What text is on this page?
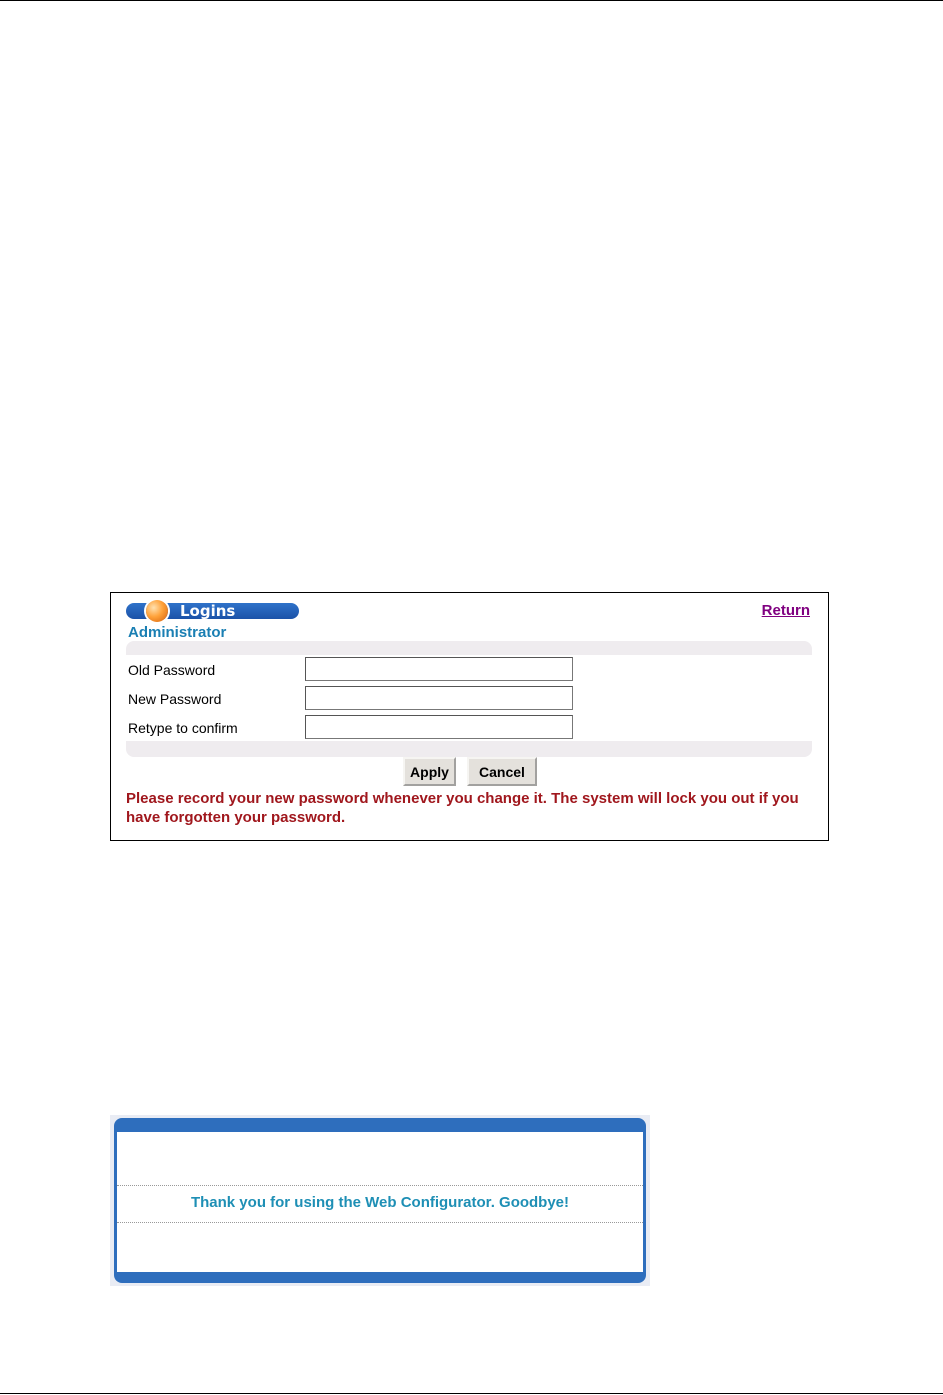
Logins	Return
Administrator
Old Password
New Password
Retype to confirm
Apply	Cancel
Please record your new password whenever you change it. The system will lock you out if you have forgotten your password.
Thank you for using the Web Configurator. Goodbye!
